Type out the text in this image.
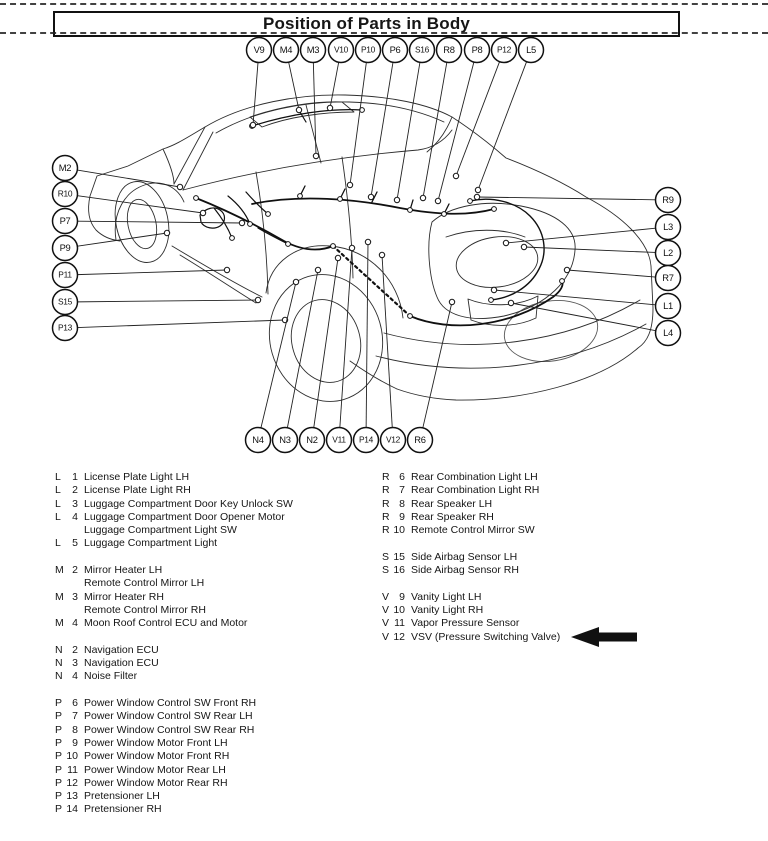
Position of Parts in Body
V9 M4 M3 V10 P10 P6 S16 R8 P8 P12 L5
M2
R10
P7
P9
P11
S15
P13
R9
L3
L2
R7
L1
L4
N4 N3 N2 V11 P14 V12 R6
L	1 License Plate Light LH
L	2 License Plate Light RH
L	3 Luggage Compartment Door Key Unlock SW
L	4 Luggage Compartment Door Opener Motor
Luggage Compartment Light SW
L	5 Luggage Compartment Light
M 2 Mirror Heater LH
Remote Control Mirror LH
M 3 Mirror Heater RH
Remote Control Mirror RH
M 4 Moon Roof Control ECU and Motor
N 2 Navigation ECU
N 3 Navigation ECU
N 4 Noise Filter
P 6 Power Window Control SW Front RH
P 7 Power Window Control SW Rear LH
P 8 Power Window Control SW Rear RH
P 9 Power Window Motor Front LH
P 10 Power Window Motor Front RH
P 11 Power Window Motor Rear LH
P 12 Power Window Motor Rear RH
P 13 Pretensioner LH
P 14 Pretensioner RH
R 6 Rear Combination Light LH
R 7 Rear Combination Light RH
R 8 Rear Speaker LH
R 9 Rear Speaker RH
R 10 Remote Control Mirror SW
S 15 Side Airbag Sensor LH
S 16 Side Airbag Sensor RH
V 9 Vanity Light LH
V 10 Vanity Light RH
V 11 Vapor Pressure Sensor
V 12 VSV (Pressure Switching Valve)
